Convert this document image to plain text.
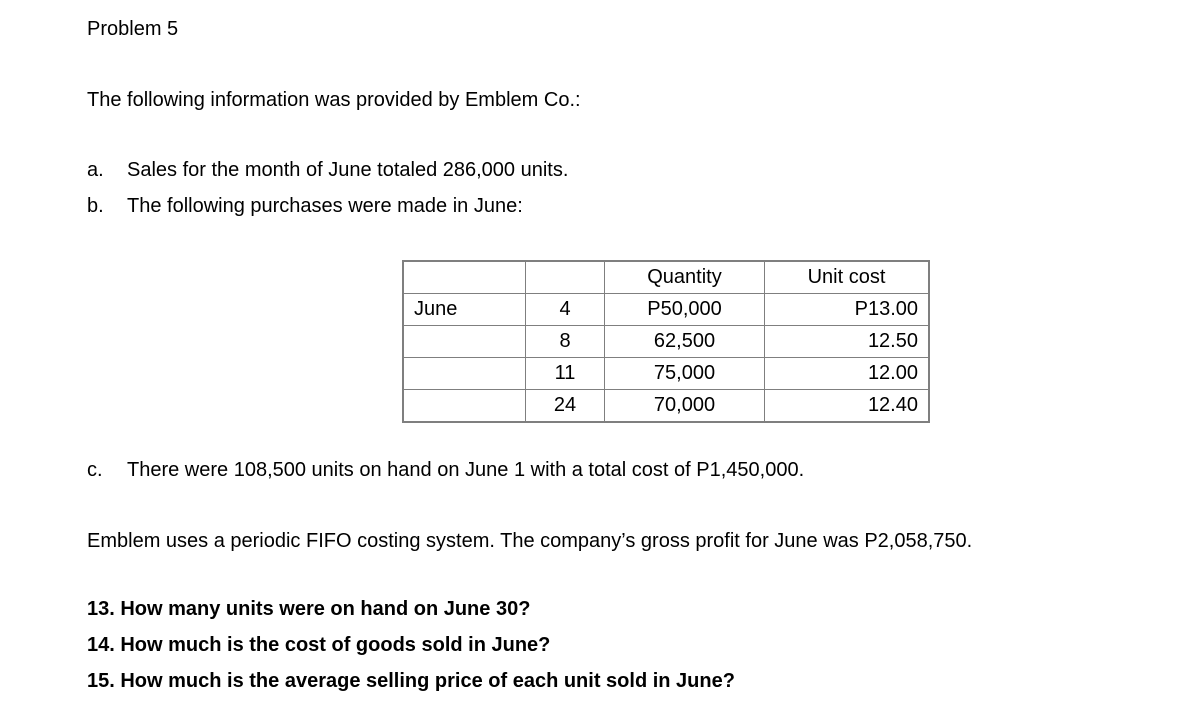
Problem 5
The following information was provided by Emblem Co.:
a.	Sales for the month of June totaled 286,000 units.
b.	The following purchases were made in June:
		Quantity	Unit cost
June	4	P50,000	P13.00
	8	62,500	12.50
	11	75,000	12.00
	24	70,000	12.40
c.	There were 108,500 units on hand on June 1 with a total cost of P1,450,000.
Emblem uses a periodic FIFO costing system. The company’s gross profit for June was P2,058,750.
13. How many units were on hand on June 30?
14. How much is the cost of goods sold in June?
15. How much is the average selling price of each unit sold in June?
